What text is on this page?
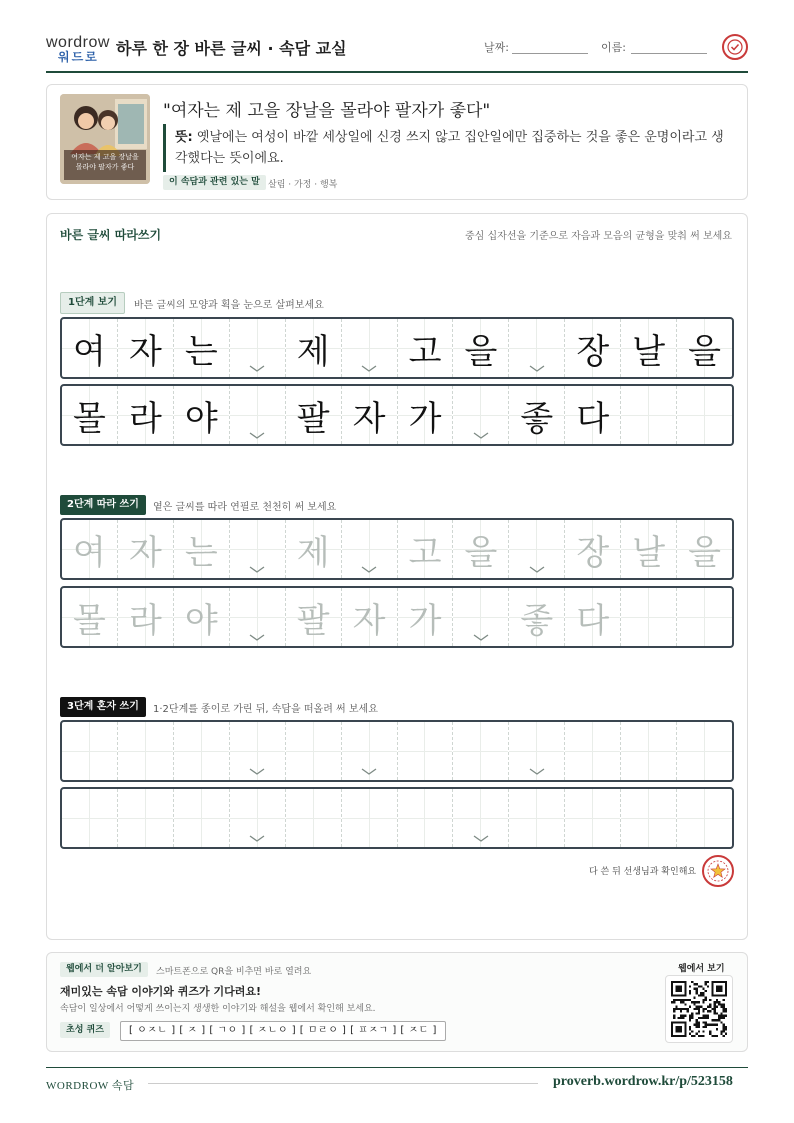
wordrow
워드로 하루 한 장 바른 글씨 · 속담 교실	날짜:	이름:
여자는 제 고을 장날을
몰라야 팔자가 좋다
"여자는 제 고을 장날을 몰라야 팔자가 좋다"
뜻: 옛날에는 여성이 바깥 세상일에 신경 쓰지 않고 집안일에만 집중하는 것을 좋은 운명이라고 생각했다는 뜻이에요.
이 속담과 관련 있는 말 살림 · 가정 · 행복
바른 글씨 따라쓰기	중심 십자선을 기준으로 자음과 모음의 균형을 맞춰 써 보세요
1단계 보기	바른 글씨의 모양과 획을 눈으로 살펴보세요
여 자 는 제 고 을 장 날 을
몰 라 야 팔 자 가 좋 다
2단계 따라 쓰기	옅은 글씨를 따라 연필로 천천히 써 보세요
여 자 는 제 고 을 장 날 을
몰 라 야 팔 자 가 좋 다
3단계 혼자 쓰기	1·2단계를 종이로 가린 뒤, 속담을 떠올려 써 보세요
다 쓴 뒤 선생님과 확인해요
웹에서 더 알아보기	스마트폰으로 QR을 비추면 바로 열려요
재미있는 속담 이야기와 퀴즈가 기다려요!
속담이 일상에서 어떻게 쓰이는지 생생한 이야기와 해설을 웹에서 확인해 보세요.
초성 퀴즈	[ ㅇㅈㄴ ] [ ㅈ ] [ ㄱㅇ ] [ ㅈㄴㅇ ] [ ㅁㄹㅇ ] [ ㅍㅈㄱ ] [ ㅈㄷ ]
웹에서 보기
WORDROW 속담	proverb.wordrow.kr/p/523158
